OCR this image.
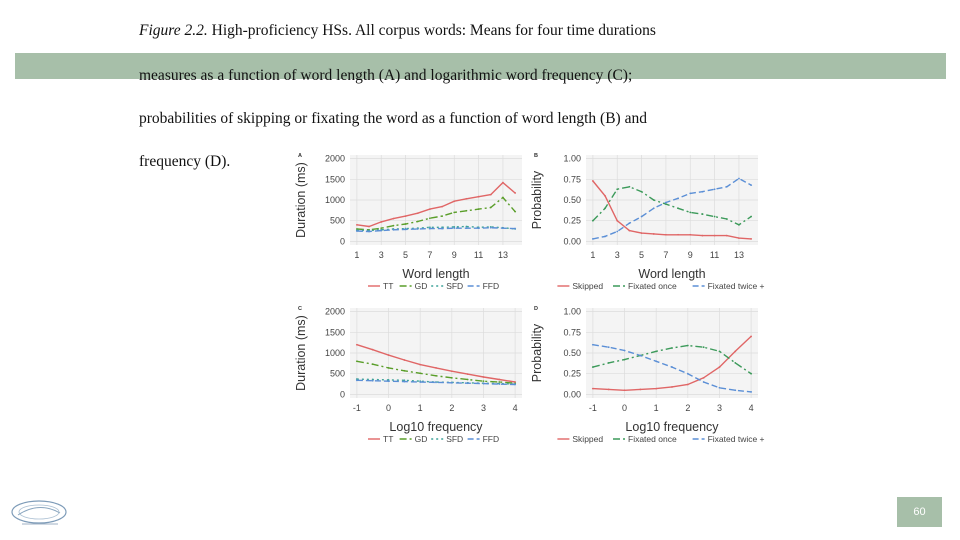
Figure 2.2. High-proficiency HSs. All corpus words: Means for four time durations
measures as a function of word length (A) and logarithmic word frequency (C);
probabilities of skipping or fixating the word as a function of word length (B) and
frequency (D).
0
500
1000
1500
2000
1 3 5 7 9 11 13
A
Word length
Duration (ms)
TT GD SFD FFD
0.00
0.25
0.50
0.75
1.00
1 3 5 7 9 11 13
B
Word length
Probability
Skipped	Fixated once	Fixated twice +
0
500
1000
1500
2000
-1	0	1	2	3	4
C
Log10 frequency
Duration (ms)
TT GD SFD FFD
0.00
0.25
0.50
0.75
1.00
-1	0	1	2	3	4
D
Log10 frequency
Probability
Skipped	Fixated once	Fixated twice +
60
